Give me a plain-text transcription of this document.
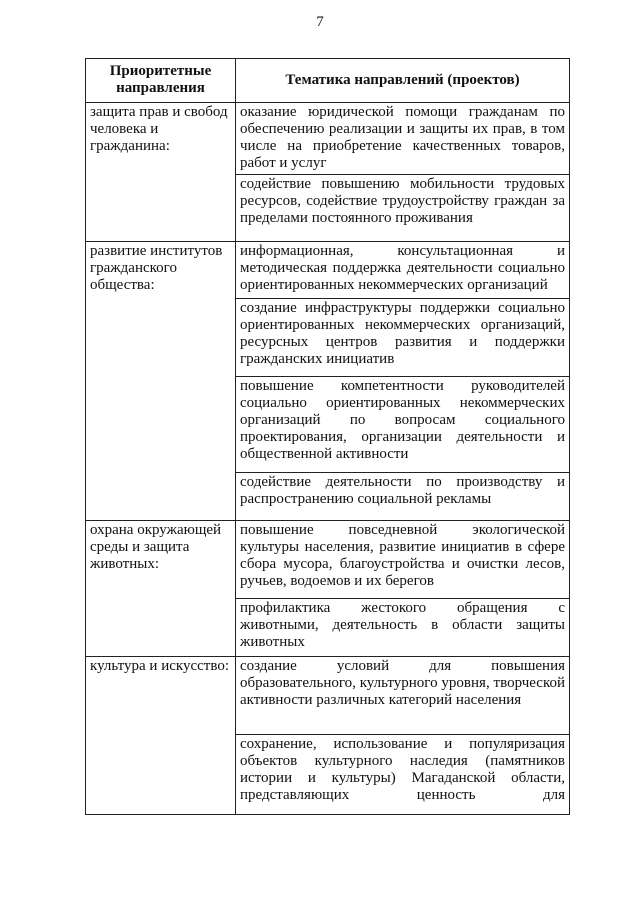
7
Приоритетные направления	Тематика направлений (проектов)
защита прав и свобод человека и гражданина:	оказание юридической помощи гражданам по обеспечению реализации и защиты их прав, в том числе на приобретение качественных товаров, работ и услуг
	содействие повышению мобильности трудовых ресурсов, содействие трудоустройству граждан за пределами постоянного проживания
развитие институтов гражданского общества:	информационная, консультационная и методическая поддержка деятельности социально ориентированных некоммерческих организаций
	создание инфраструктуры поддержки социально ориентированных некоммерческих организаций, ресурсных центров развития и поддержки гражданских инициатив
	повышение компетентности руководителей социально ориентированных некоммерческих организаций по вопросам социального проектирования, организации деятельности и общественной активности
	содействие деятельности по производству и распространению социальной рекламы
охрана окружающей среды и защита животных:	повышение повседневной экологической культуры населения, развитие инициатив в сфере сбора мусора, благоустройства и очистки лесов, ручьев, водоемов и их берегов
	профилактика жестокого обращения с животными, деятельность в области защиты животных
культура и искусство:	создание условий для повышения образовательного, культурного уровня, творческой активности различных категорий населения
	сохранение, использование и популяризация объектов культурного наследия (памятников истории и культуры) Магаданской области, представляющих ценность для
